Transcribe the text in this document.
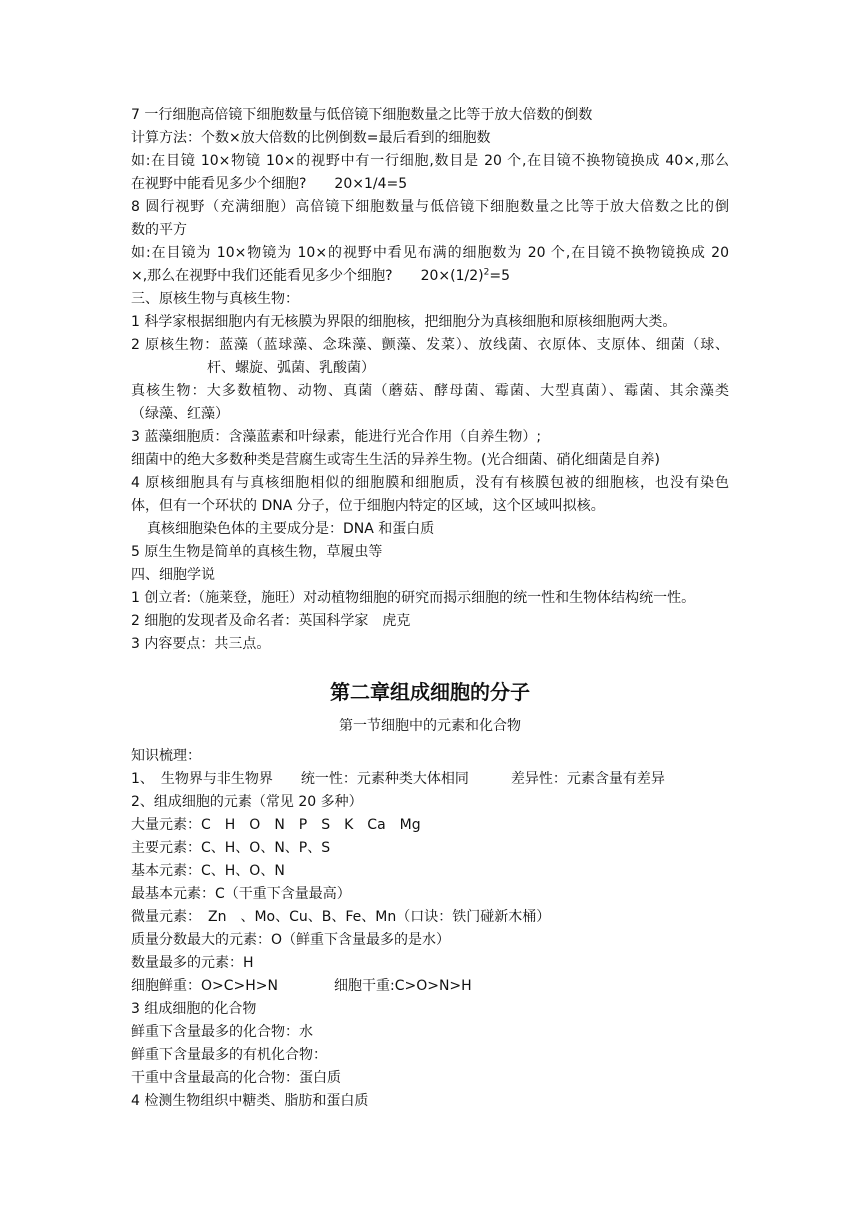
7 一行细胞高倍镜下细胞数量与低倍镜下细胞数量之比等于放大倍数的倒数
计算方法：个数×放大倍数的比例倒数=最后看到的细胞数
如:在目镜 10×物镜 10×的视野中有一行细胞,数目是 20 个,在目镜不换物镜换成 40×,那么
在视野中能看见多少个细胞?　　20×1/4=5
8 圆行视野（充满细胞）高倍镜下细胞数量与低倍镜下细胞数量之比等于放大倍数之比的倒
数的平方
如:在目镜为 10×物镜为 10×的视野中看见布满的细胞数为 20 个,在目镜不换物镜换成 20
×,那么在视野中我们还能看见多少个细胞?　　$20\times(1/2)^2=5$
三、原核生物与真核生物：
1 科学家根据细胞内有无核膜为界限的细胞核，把细胞分为真核细胞和原核细胞两大类。
2 原核生物：蓝藻（蓝球藻、念珠藻、颤藻、发菜）、放线菌、衣原体、支原体、细菌（球、
杆、螺旋、弧菌、乳酸菌）
真核生物：大多数植物、动物、真菌（蘑菇、酵母菌、霉菌、大型真菌）、霉菌、其余藻类
（绿藻、红藻）
3 蓝藻细胞质：含藻蓝素和叶绿素，能进行光合作用（自养生物）;
细菌中的绝大多数种类是营腐生或寄生生活的异养生物。(光合细菌、硝化细菌是自养)
4 原核细胞具有与真核细胞相似的细胞膜和细胞质，没有有核膜包被的细胞核，也没有染色
体，但有一个环状的 DNA 分子，位于细胞内特定的区域，这个区域叫拟核。
真核细胞染色体的主要成分是：DNA 和蛋白质
5 原生生物是简单的真核生物，草履虫等
四、细胞学说
1 创立者:（施莱登，施旺）对动植物细胞的研究而揭示细胞的统一性和生物体结构统一性。
2 细胞的发现者及命名者：英国科学家　虎克
3 内容要点：共三点。
第二章组成细胞的分子
第一节细胞中的元素和化合物
知识梳理：
1、　生物界与非生物界　　统一性：元素种类大体相同　　　差异性：元素含量有差异
2、组成细胞的元素（常见 20 多种）
大量元素：C　H　O　N　P　S　K　Ca　Mg
主要元素：C、H、O、N、P、S
基本元素：C、H、O、N
最基本元素：C（干重下含量最高）
微量元素：　Zn　、Mo、Cu、B、Fe、Mn（口诀：铁门碰新木桶）
质量分数最大的元素：O（鲜重下含量最多的是水）
数量最多的元素：H
细胞鲜重：O>C>H>N　　　　细胞干重:C>O>N>H
3 组成细胞的化合物
鲜重下含量最多的化合物：水
鲜重下含量最多的有机化合物：
干重中含量最高的化合物：蛋白质
4 检测生物组织中糖类、脂肪和蛋白质
